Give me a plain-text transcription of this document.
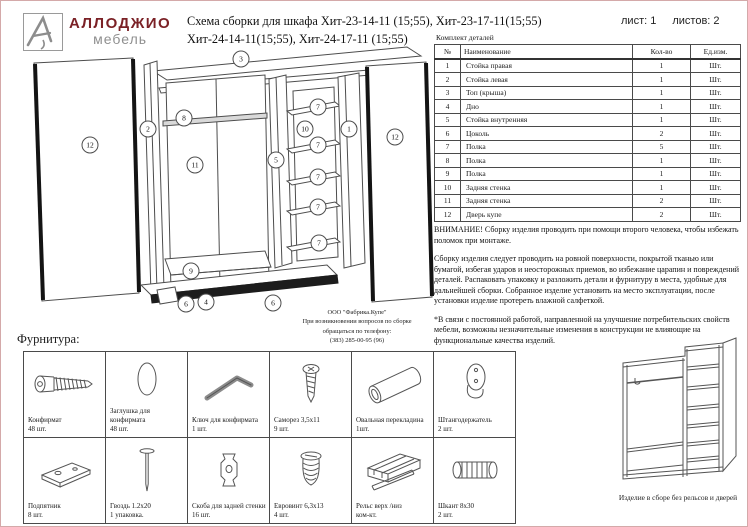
АЛЛОДЖИО
мебель
Схема сборки для шкафа Хит-23-14-11 (15;55), Хит-23-17-11(15;55)
Хит-24-14-11(15;55), Хит-24-17-11 (15;55)
лист: 1 листов: 2
Комплект деталей
№	Наименование	Кол-во	Ед.изм.
1	Стойка правая	1	Шт.
2	Стойка левая	1	Шт.
3	Топ (крыша)	1	Шт.
4	Дно	1	Шт.
5	Стойка внутренняя	1	Шт.
6	Цоколь	2	Шт.
7	Полка	5	Шт.
8	Полка	1	Шт.
9	Полка	1	Шт.
10	Задняя стенка	1	Шт.
11	Задняя стенка	2	Шт.
12	Дверь купе	2	Шт.

ВНИМАНИЕ! Сборку изделия проводить при помощи второго человека, чтобы избежать поломок при монтаже.

Сборку изделия следует проводить на ровной поверхности, покрытой тканью или бумагой, избегая ударов и неосторожных приемов, во избежание царапин и повреждений деталей. Распаковать упаковку и разложить детали и фурнитуру в места, удобные для дальнейшей сборки. Собранное изделие установить на место эксплуатации, после установки изделие протереть влажной салфеткой.

*В связи с постоянной работой, направленной на улучшение потребительских свойств мебели, возможны незначительные изменения в конструкции не влияющие на функциональные качества изделий.

3
2
8
12
11
5
7
10
7
7
7
7
1
12
9
6 4	6
ООО "Фабрика.Купе"
При возникновении вопросов по сборке
обращаться по телефону:
(383) 285-00-95 (96)
Фурнитура:
Конфирмат
48 шт.

Заглушка для конфирмата
48 шт.

Ключ для конфирмата
1 шт.

Саморез 3,5х11
9 шт.

Овальная перекладина
1шт.

Штангодержатель
2 шт.

Подпятник
8 шт.

Гвоздь 1.2х20
1 упаковка.

Скоба для задней стенки
16 шт.

Евровинт 6,3х13
4 шт.

Рельс верх /низ
ком-кт.

Шкант 8х30
2 шт.
Изделие в сборе без рельсов и дверей
